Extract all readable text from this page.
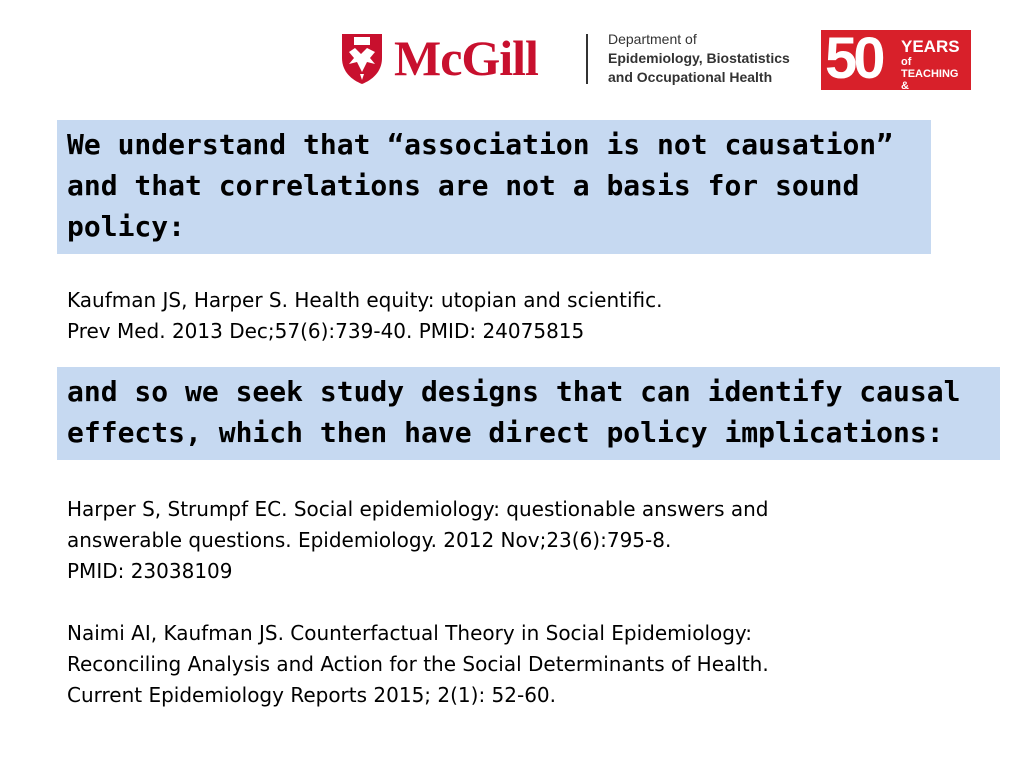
McGill	Department of
Epidemiology, Biostatistics
and Occupational Health 50 YEARS
of TEACHING
& RESEARCH
We understand that “association is not causation”
and that correlations are not a basis for sound
policy:
Kaufman JS, Harper S. Health equity: utopian and scientific.
Prev Med. 2013 Dec;57(6):739-40. PMID: 24075815
and so we seek study designs that can identify causal
effects, which then have direct policy implications:
Harper S, Strumpf EC. Social epidemiology: questionable answers and
answerable questions. Epidemiology. 2012 Nov;23(6):795-8.
PMID: 23038109
Naimi AI, Kaufman JS. Counterfactual Theory in Social Epidemiology:
Reconciling Analysis and Action for the Social Determinants of Health.
Current Epidemiology Reports 2015; 2(1): 52-60.
